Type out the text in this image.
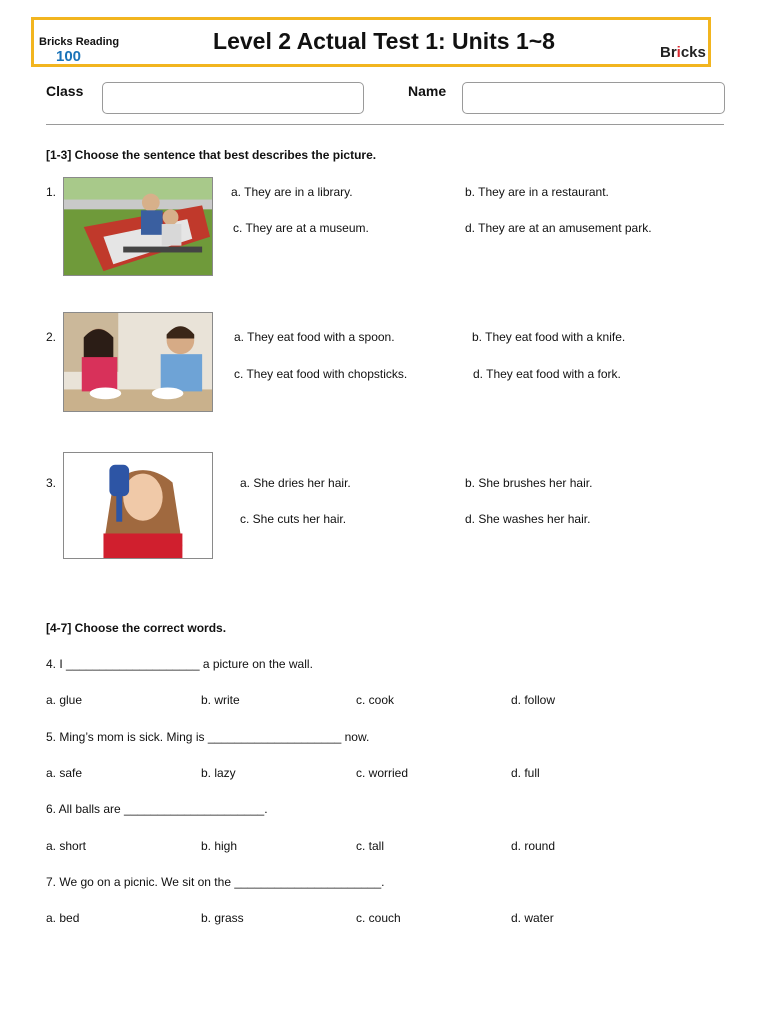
Bricks Reading
100
Level 2 Actual Test 1: Units 1~8	Bricks
Class	Name
[1-3] Choose the sentence that best describes the picture.
1.	a. They are in a library.	b. They are in a restaurant.
c. They are at a museum.	d. They are at an amusement park.
2.	a. They eat food with a spoon.	b. They eat food with a knife.
c. They eat food with chopsticks.	d. They eat food with a fork.
3.	a. She dries her hair.	b. She brushes her hair.
c. She cuts her hair.	d. She washes her hair.
[4-7] Choose the correct words.
4. I ____________________ a picture on the wall.
a. glue	b. write	c. cook	d. follow
5. Ming’s mom is sick. Ming is ____________________ now.
a. safe	b. lazy	c. worried	d. full
6. All balls are _____________________.
a. short	b. high	c. tall	d. round
7. We go on a picnic. We sit on the ______________________.
a. bed	b. grass	c. couch	d. water
